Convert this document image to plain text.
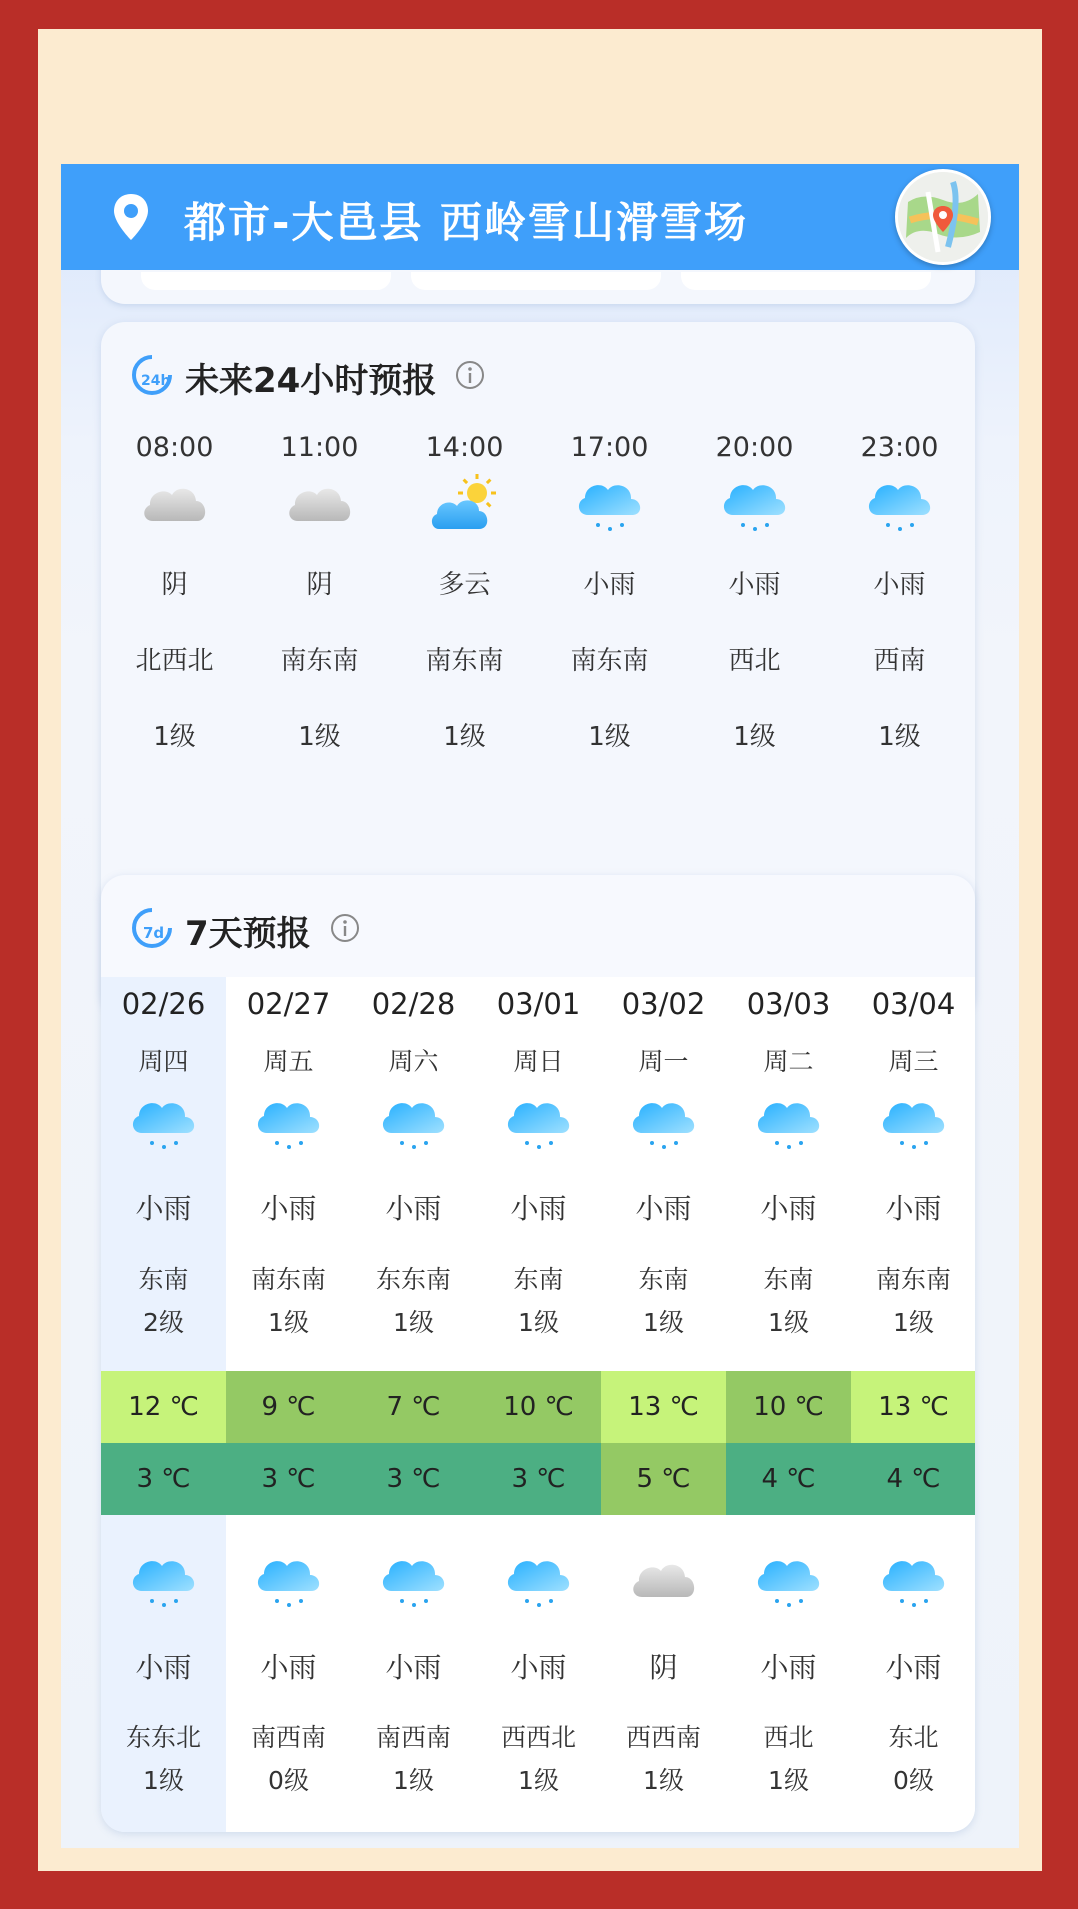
都市-大邑县 西岭雪山滑雪场
24h 未来24小时预报
08:00
阴
北西北
1级
11:00
阴
南东南
1级
14:00
多云
南东南
1级
17:00
小雨
南东南
1级
20:00
小雨
西北
1级
23:00
小雨
西南
1级
7d 7天预报
02/26
周四
小雨
东南
2级
小雨
东东北
1级
12 ℃
3 ℃
02/27
周五
小雨
南东南
1级
小雨
南西南
0级
9 ℃
3 ℃
02/28
周六
小雨
东东南
1级
小雨
南西南
1级
7 ℃
3 ℃
03/01
周日
小雨
东南
1级
小雨
西西北
1级
10 ℃
3 ℃
03/02
周一
小雨
东南
1级
阴
西西南
1级
13 ℃
5 ℃
03/03
周二
小雨
东南
1级
小雨
西北
1级
10 ℃
4 ℃
03/04
周三
小雨
南东南
1级
小雨
东北
0级
13 ℃
4 ℃
